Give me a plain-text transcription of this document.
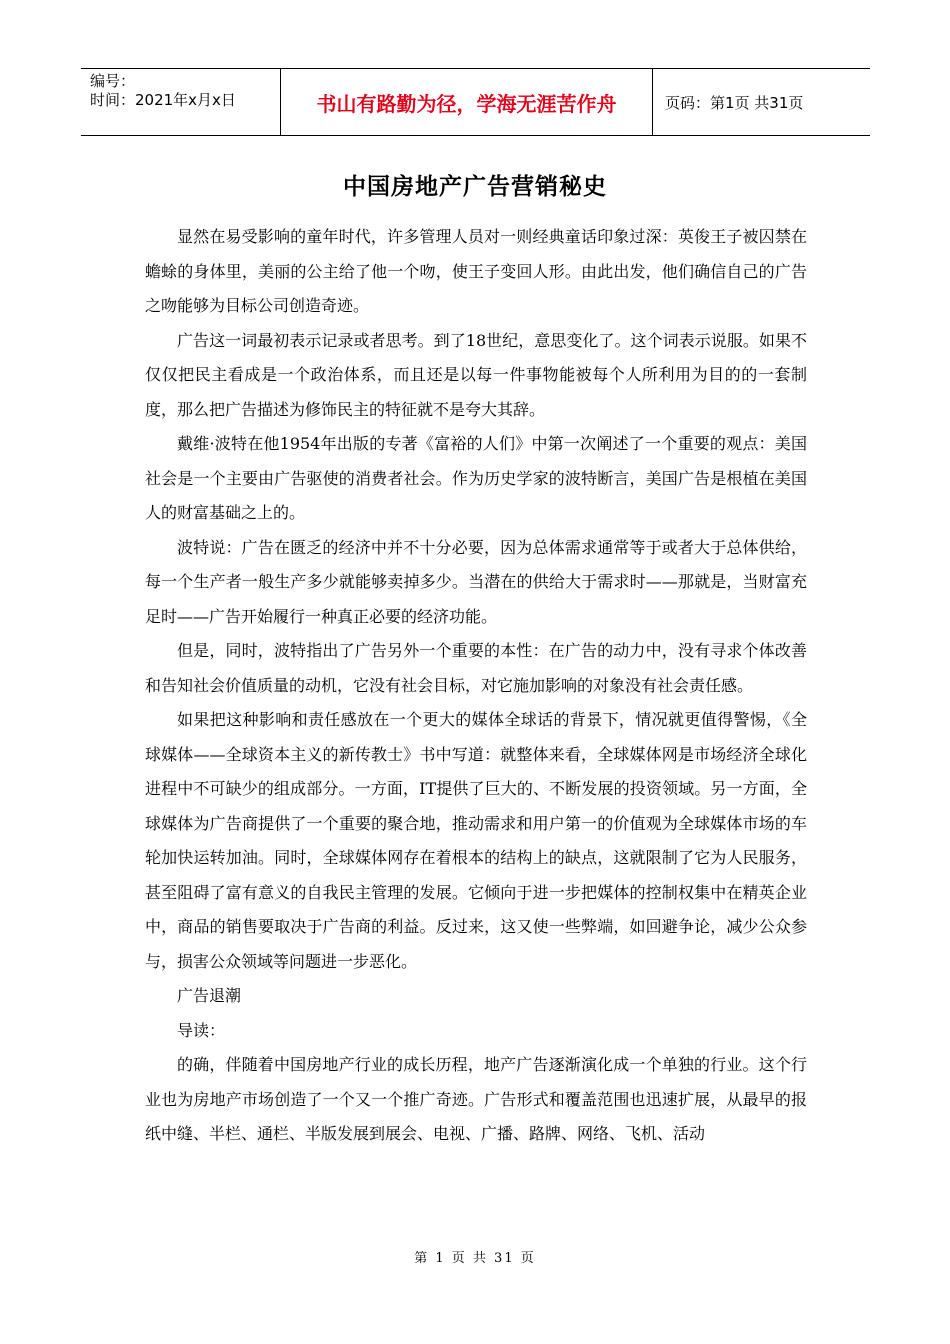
编号：
时间：2021年x月x日	书山有路勤为径，学海无涯苦作舟	页码：第1页 共31页
中国房地产广告营销秘史

显然在易受影响的童年时代，许多管理人员对一则经典童话印象过深：英俊王子被囚禁在蟾蜍的身体里，美丽的公主给了他一个吻，使王子变回人形。由此出发，他们确信自己的广告之吻能够为目标公司创造奇迹。

广告这一词最初表示记录或者思考。到了18世纪，意思变化了。这个词表示说服。如果不仅仅把民主看成是一个政治体系，而且还是以每一件事物能被每个人所利用为目的的一套制度，那么把广告描述为修饰民主的特征就不是夸大其辞。

戴维·波特在他1954年出版的专著《富裕的人们》中第一次阐述了一个重要的观点：美国社会是一个主要由广告驱使的消费者社会。作为历史学家的波特断言，美国广告是根植在美国人的财富基础之上的。

波特说：广告在匮乏的经济中并不十分必要，因为总体需求通常等于或者大于总体供给，每一个生产者一般生产多少就能够卖掉多少。当潜在的供给大于需求时——那就是，当财富充足时——广告开始履行一种真正必要的经济功能。

但是，同时，波特指出了广告另外一个重要的本性：在广告的动力中，没有寻求个体改善和告知社会价值质量的动机，它没有社会目标，对它施加影响的对象没有社会责任感。

如果把这种影响和责任感放在一个更大的媒体全球话的背景下，情况就更值得警惕，《全球媒体——全球资本主义的新传教士》书中写道：就整体来看，全球媒体网是市场经济全球化进程中不可缺少的组成部分。一方面，IT提供了巨大的、不断发展的投资领域。另一方面，全球媒体为广告商提供了一个重要的聚合地，推动需求和用户第一的价值观为全球媒体市场的车轮加快运转加油。同时，全球媒体网存在着根本的结构上的缺点，这就限制了它为人民服务，甚至阻碍了富有意义的自我民主管理的发展。它倾向于进一步把媒体的控制权集中在精英企业中，商品的销售要取决于广告商的利益。反过来，这又使一些弊端，如回避争论，减少公众参与，损害公众领域等问题进一步恶化。

广告退潮

导读：

的确，伴随着中国房地产行业的成长历程，地产广告逐渐演化成一个单独的行业。这个行业也为房地产市场创造了一个又一个推广奇迹。广告形式和覆盖范围也迅速扩展，从最早的报纸中缝、半栏、通栏、半版发展到展会、电视、广播、路牌、网络、飞机、活动

第 1 页 共 31 页
